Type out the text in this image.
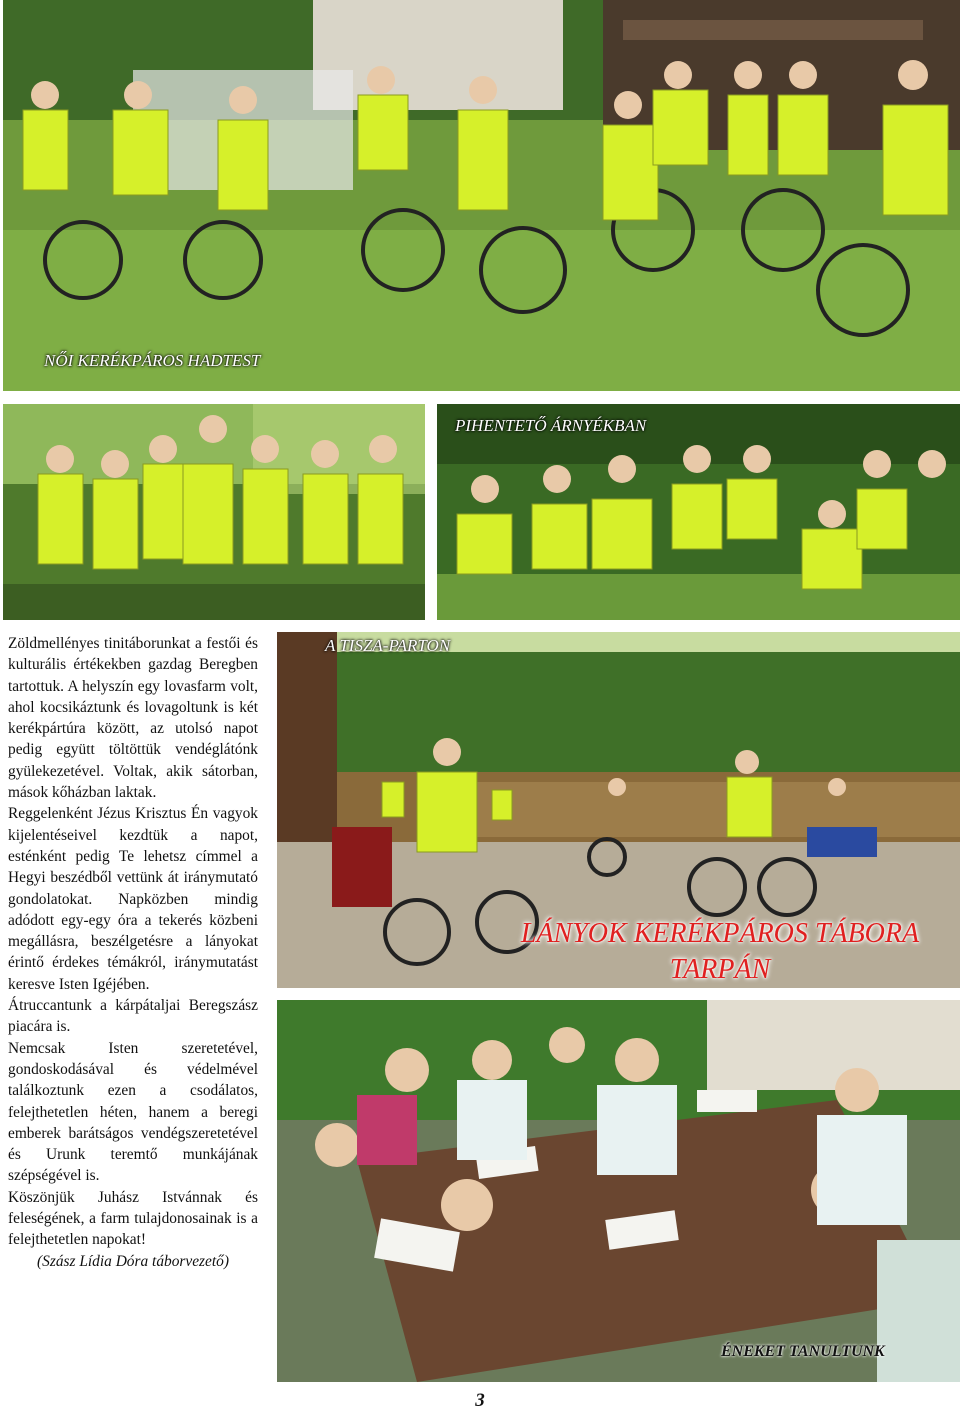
NŐI KERÉKPÁROS HADTEST
PIHENTETŐ ÁRNYÉKBAN
A TISZA-PARTON
LÁNYOK KERÉKPÁROS TÁBORA
TARPÁN
ÉNEKET TANULTUNK

Zöldmellényes tinitáborunkat a festői és kulturális értékekben gazdag Beregben tartottuk. A helyszín egy lovasfarm volt, ahol kocsikáztunk és lovagoltunk is két kerékpártúra között, az utolsó napot pedig együtt töltöttük vendéglátónk gyülekezetével. Voltak, akik sátorban, mások kőházban laktak.

Reggelenként Jézus Krisztus Én vagyok kijelentéseivel kezdtük a napot, esténként pedig Te lehetsz címmel a Hegyi beszédből vettünk át iránymutató gondolatokat. Napközben mindig adódott egy-egy óra a tekerés közbeni megállásra, beszélgetésre a lányokat érintő érdekes témákról, iránymutatást keresve Isten Igéjében.

Átruccantunk a kárpátaljai Beregszász piacára is.

Nemcsak Isten szeretetével, gondoskodásával és védelmével találkoztunk ezen a csodálatos, felejthetetlen héten, hanem a beregi emberek barátságos vendégszeretetével és Urunk teremtő munkájának szépségével is.

Köszönjük Juhász Istvánnak és feleségének, a farm tulajdonosainak is a felejthetetlen napokat!

(Szász Lídia Dóra táborvezető)

3
